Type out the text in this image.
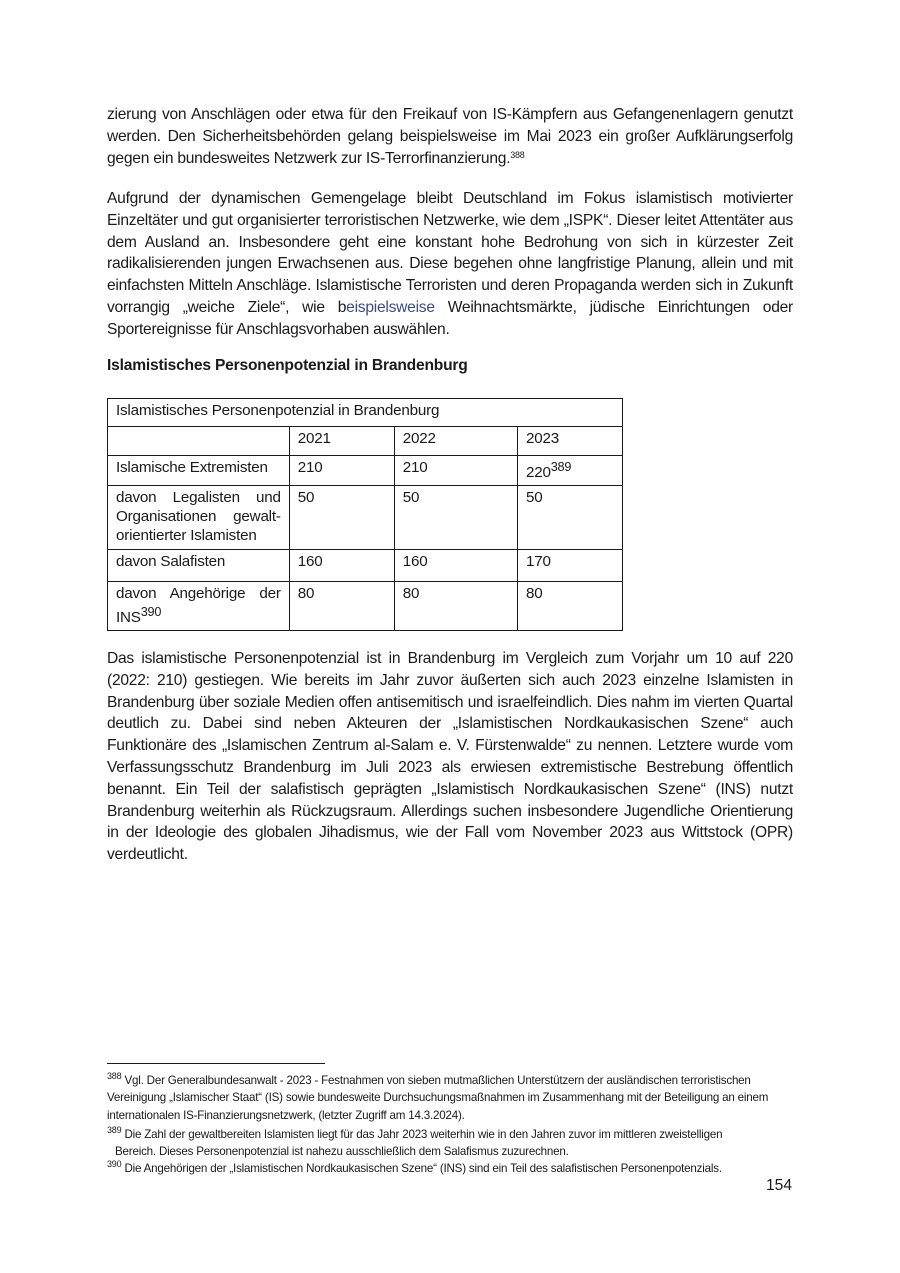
zierung von Anschlägen oder etwa für den Freikauf von IS-Kämpfern aus Gefangenenlagern genutzt werden. Den Sicherheitsbehörden gelang beispielsweise im Mai 2023 ein großer Aufklärungserfolg gegen ein bundesweites Netzwerk zur IS-Terrorfinanzierung.$^{388}$

Aufgrund der dynamischen Gemengelage bleibt Deutschland im Fokus islamistisch motivierter Einzeltäter und gut organisierter terroristischen Netzwerke, wie dem „ISPK“. Dieser leitet Attentäter aus dem Ausland an. Insbesondere geht eine konstant hohe Bedrohung von sich in kürzester Zeit radikalisierenden jungen Erwachsenen aus. Diese begehen ohne langfristige Planung, allein und mit einfachsten Mitteln Anschläge. Islamistische Terroristen und deren Propaganda werden sich in Zukunft vorrangig „weiche Ziele“, wie beispielsweise Weihnachtsmärkte, jüdische Einrichtungen oder Sportereignisse für Anschlagsvorhaben auswählen.

Islamistisches Personenpotenzial in Brandenburg
Islamistisches Personenpotenzial in Brandenburg			
	2021	2022	2023
Islamische Extremisten	210	210	$220^{389}$
davon Legalisten und Organisationen gewalt-orientierter Islamisten	50	50	50
davon Salafisten	160	160	170
davon Angehörige der INS$^{390}$	80	80	80

Das islamistische Personenpotenzial ist in Brandenburg im Vergleich zum Vorjahr um 10 auf 220 (2022: 210) gestiegen. Wie bereits im Jahr zuvor äußerten sich auch 2023 einzelne Islamisten in Brandenburg über soziale Medien offen antisemitisch und israelfeindlich. Dies nahm im vierten Quartal deutlich zu. Dabei sind neben Akteuren der „Islamistischen Nordkaukasischen Szene“ auch Funktionäre des „Islamischen Zentrum al-Salam e. V. Fürstenwalde“ zu nennen. Letztere wurde vom Verfassungsschutz Brandenburg im Juli 2023 als erwiesen extremistische Bestrebung öffentlich benannt. Ein Teil der salafistisch geprägten „Islamistisch Nordkaukasischen Szene“ (INS) nutzt Brandenburg weiterhin als Rückzugsraum. Allerdings suchen insbesondere Jugendliche Orientierung in der Ideologie des globalen Jihadismus, wie der Fall vom November 2023 aus Wittstock (OPR) verdeutlicht.

$^{388}$ Vgl. Der Generalbundesanwalt - 2023 - Festnahmen von sieben mutmaßlichen Unterstützern der ausländischen terroristischen Vereinigung „Islamischer Staat“ (IS) sowie bundesweite Durchsuchungsmaßnahmen im Zusammenhang mit der Beteiligung an einem internationalen IS-Finanzierungsnetzwerk, (letzter Zugriff am 14.3.2024).

$^{389}$ Die Zahl der gewaltbereiten Islamisten liegt für das Jahr 2023 weiterhin wie in den Jahren zuvor im mittleren zweistelligen
Bereich. Dieses Personenpotenzial ist nahezu ausschließlich dem Salafismus zuzurechnen.

$^{390}$ Die Angehörigen der „Islamistischen Nordkaukasischen Szene“ (INS) sind ein Teil des salafistischen Personenpotenzials.

154
